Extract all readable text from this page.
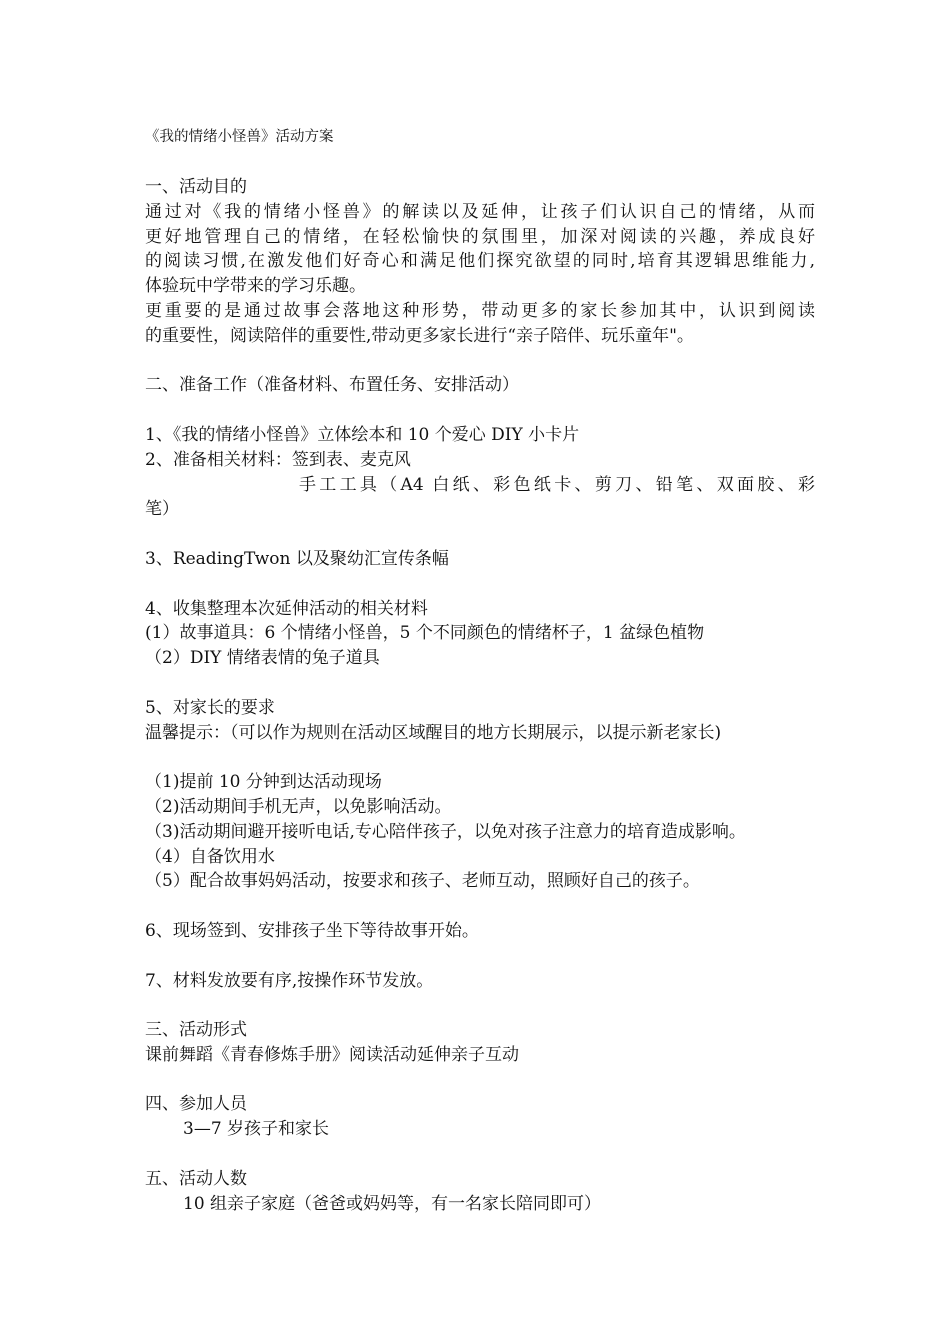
《我的情绪小怪兽》活动方案
一、活动目的
通过对《我的情绪小怪兽》的解读以及延伸，让孩子们认识自己的情绪，从而
更好地管理自己的情绪，在轻松愉快的氛围里，加深对阅读的兴趣，养成良好
的阅读习惯,在激发他们好奇心和满足他们探究欲望的同时,培育其逻辑思维能力,
体验玩中学带来的学习乐趣。
更重要的是通过故事会落地这种形势，带动更多的家长参加其中，认识到阅读
的重要性，阅读陪伴的重要性,带动更多家长进行“亲子陪伴、玩乐童年"。
二、准备工作（准备材料、布置任务、安排活动）
1、《我的情绪小怪兽》立体绘本和 10 个爱心 DIY 小卡片
2、准备相关材料：签到表、麦克风
手工工具（A4 白纸、彩色纸卡、剪刀、铅笔、双面胶、彩
笔）
3、ReadingTwon 以及聚幼汇宣传条幅
4、收集整理本次延伸活动的相关材料
(1）故事道具：6 个情绪小怪兽，5 个不同颜色的情绪杯子，1 盆绿色植物
（2）DIY 情绪表情的兔子道具
5、对家长的要求
温馨提示：（可以作为规则在活动区域醒目的地方长期展示，以提示新老家长)
（1)提前 10 分钟到达活动现场
（2)活动期间手机无声，以免影响活动。
（3)活动期间避开接听电话,专心陪伴孩子，以免对孩子注意力的培育造成影响。
（4）自备饮用水
（5）配合故事妈妈活动，按要求和孩子、老师互动，照顾好自己的孩子。
6、现场签到、安排孩子坐下等待故事开始。
7、材料发放要有序,按操作环节发放。
三、活动形式
课前舞蹈《青春修炼手册》阅读活动延伸亲子互动
四、参加人员
3—7 岁孩子和家长
五、活动人数
10 组亲子家庭（爸爸或妈妈等，有一名家长陪同即可）
